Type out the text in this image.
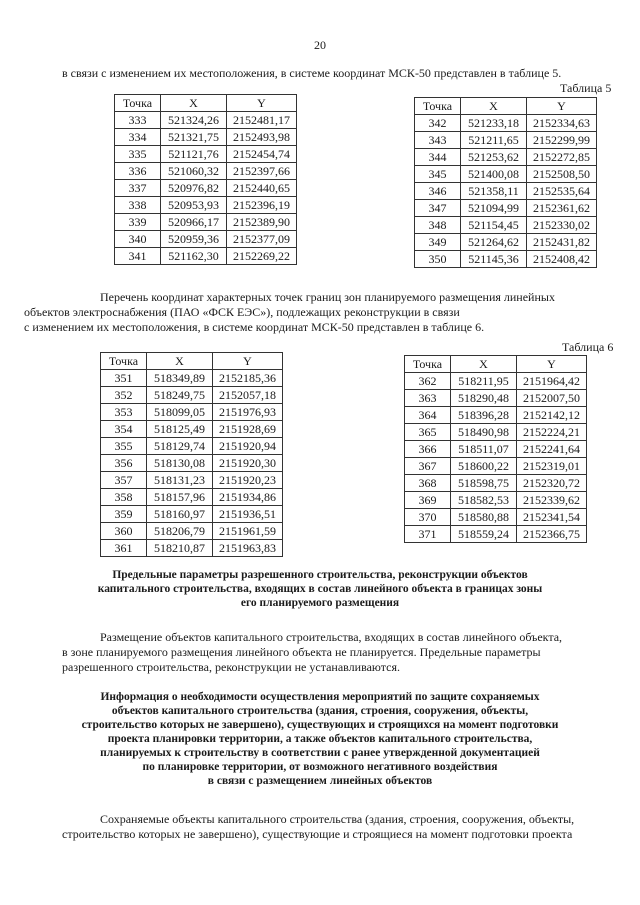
20

в связи с изменением их местоположения, в системе координат МСК-50 представлен в таблице 5.

Таблица 5
Точка	X	Y
333	521324,26	2152481,17
334	521321,75	2152493,98
335	521121,76	2152454,74
336	521060,32	2152397,66
337	520976,82	2152440,65
338	520953,93	2152396,19
339	520966,17	2152389,90
340	520959,36	2152377,09
341	521162,30	2152269,22
Точка	X	Y
342	521233,18	2152334,63
343	521211,65	2152299,99
344	521253,62	2152272,85
345	521400,08	2152508,50
346	521358,11	2152535,64
347	521094,99	2152361,62
348	521154,45	2152330,02
349	521264,62	2152431,82
350	521145,36	2152408,42

Перечень координат характерных точек границ зон планируемого размещения линейных
объектов электроснабжения (ПАО «ФСК ЕЭС»), подлежащих реконструкции в связи
с изменением их местоположения, в системе координат МСК-50 представлен в таблице 6.

Таблица 6
Точка	X	Y
351	518349,89	2152185,36
352	518249,75	2152057,18
353	518099,05	2151976,93
354	518125,49	2151928,69
355	518129,74	2151920,94
356	518130,08	2151920,30
357	518131,23	2151920,23
358	518157,96	2151934,86
359	518160,97	2151936,51
360	518206,79	2151961,59
361	518210,87	2151963,83
Точка	X	Y
362	518211,95	2151964,42
363	518290,48	2152007,50
364	518396,28	2152142,12
365	518490,98	2152224,21
366	518511,07	2152241,64
367	518600,22	2152319,01
368	518598,75	2152320,72
369	518582,53	2152339,62
370	518580,88	2152341,54
371	518559,24	2152366,75
Предельные параметры разрешенного строительства, реконструкции объектов
капитального строительства, входящих в состав линейного объекта в границах зоны
его планируемого размещения
Размещение объектов капитального строительства, входящих в состав линейного объекта,
в зоне планируемого размещения линейного объекта не планируется. Предельные параметры
разрешенного строительства, реконструкции не устанавливаются.
Информация о необходимости осуществления мероприятий по защите сохраняемых
объектов капитального строительства (здания, строения, сооружения, объекты,
строительство которых не завершено), существующих и строящихся на момент подготовки
проекта планировки территории, а также объектов капитального строительства,
планируемых к строительству в соответствии с ранее утвержденной документацией
по планировке территории, от возможного негативного воздействия
в связи с размещением линейных объектов
Сохраняемые объекты капитального строительства (здания, строения, сооружения, объекты,
строительство которых не завершено), существующие и строящиеся на момент подготовки проекта
